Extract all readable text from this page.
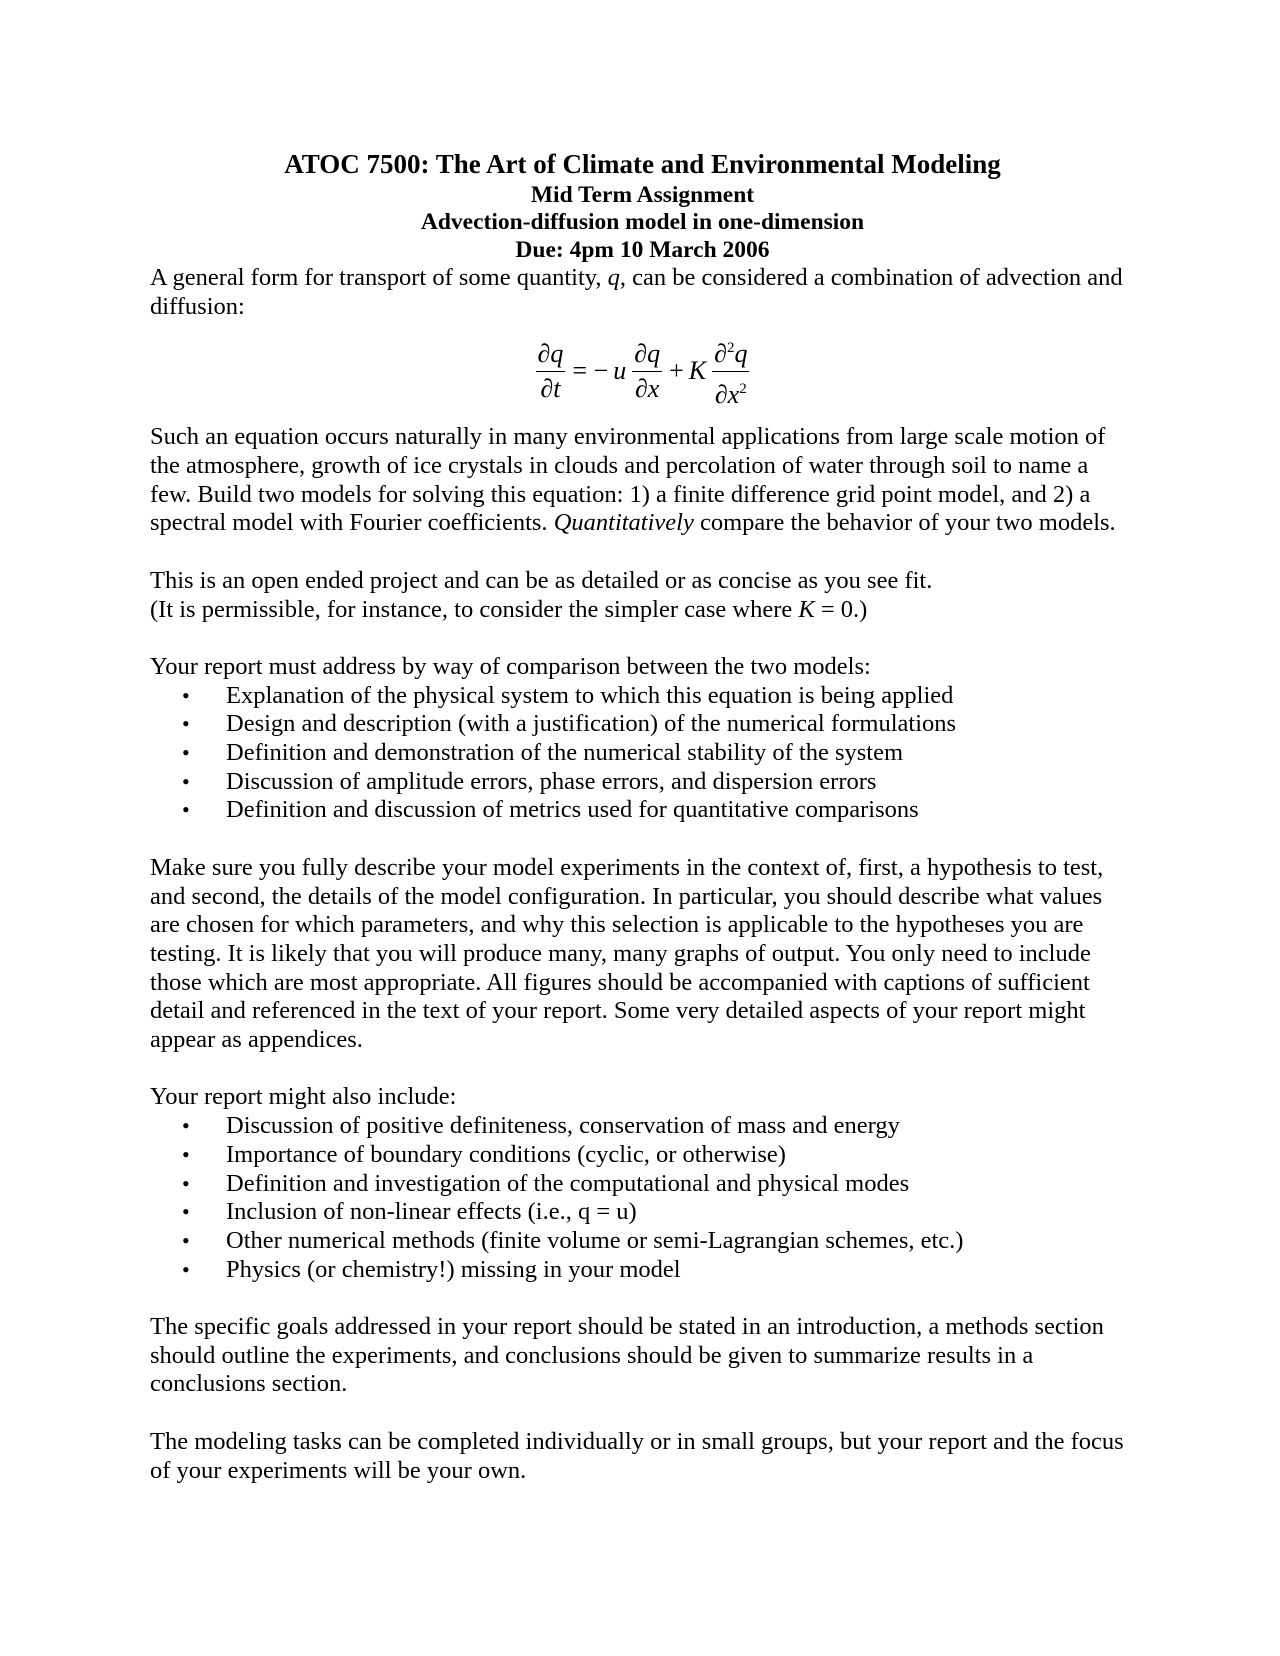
ATOC 7500: The Art of Climate and Environmental Modeling
Mid Term Assignment
Advection-diffusion model in one-dimension
Due: 4pm 10 March 2006

A general form for transport of some quantity, q, can be considered a combination of advection and diffusion:

$\frac{\partial q}{\partial t}$ = − u $\frac{\partial q}{\partial x} + K \frac{\partial^2q}{\partial x^2}$

Such an equation occurs naturally in many environmental applications from large scale motion of the atmosphere, growth of ice crystals in clouds and percolation of water through soil to name a few. Build two models for solving this equation: 1) a finite difference grid point model, and 2) a spectral model with Fourier coefficients. Quantitatively compare the behavior of your two models.

This is an open ended project and can be as detailed or as concise as you see fit.

(It is permissible, for instance, to consider the simpler case where K = 0.)

Your report must address by way of comparison between the two models:

• Explanation of the physical system to which this equation is being applied
• Design and description (with a justification) of the numerical formulations
• Definition and demonstration of the numerical stability of the system
• Discussion of amplitude errors, phase errors, and dispersion errors
• Definition and discussion of metrics used for quantitative comparisons

Make sure you fully describe your model experiments in the context of, first, a hypothesis to test, and second, the details of the model configuration. In particular, you should describe what values are chosen for which parameters, and why this selection is applicable to the hypotheses you are testing. It is likely that you will produce many, many graphs of output. You only need to include those which are most appropriate. All figures should be accompanied with captions of sufficient detail and referenced in the text of your report. Some very detailed aspects of your report might appear as appendices.

Your report might also include:

• Discussion of positive definiteness, conservation of mass and energy
• Importance of boundary conditions (cyclic, or otherwise)
• Definition and investigation of the computational and physical modes
• Inclusion of non-linear effects (i.e., q = u)
• Other numerical methods (finite volume or semi-Lagrangian schemes, etc.)
• Physics (or chemistry!) missing in your model

The specific goals addressed in your report should be stated in an introduction, a methods section should outline the experiments, and conclusions should be given to summarize results in a conclusions section.

The modeling tasks can be completed individually or in small groups, but your report and the focus of your experiments will be your own.
